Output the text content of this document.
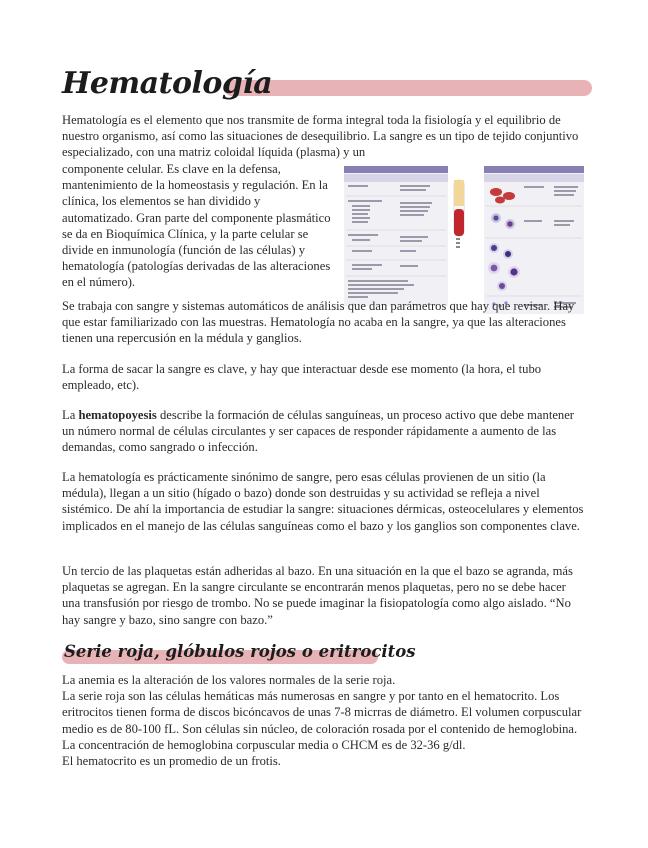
Hematología

Hematología es el elemento que nos transmite de forma integral toda la fisiología y el equilibrio de nuestro organismo, así como las situaciones de desequilibrio. La sangre es un tipo de tejido conjuntivo especializado, con una matriz coloidal líquida (plasma) y un

componente celular. Es clave en la defensa, mantenimiento de la homeostasis y regulación. En la clínica, los elementos se han dividido y automatizado. Gran parte del componente plasmático se da en Bioquímica Clínica, y la parte celular se divide en inmunología (función de las células) y hematología (patologías derivadas de las alteraciones en el número).

Se trabaja con sangre y sistemas automáticos de análisis que dan parámetros que hay que revisar. Hay que estar familiarizado con las muestras. Hematología no acaba en la sangre, ya que las alteraciones tienen una repercusión en la médula y ganglios.

La forma de sacar la sangre es clave, y hay que interactuar desde ese momento (la hora, el tubo empleado, etc).

La hematopoyesis describe la formación de células sanguíneas, un proceso activo que debe mantener un número normal de células circulantes y ser capaces de responder rápidamente a aumento de las demandas, como sangrado o infección.

La hematología es prácticamente sinónimo de sangre, pero esas células provienen de un sitio (la médula), llegan a un sitio (hígado o bazo) donde son destruidas y su actividad se refleja a nivel sistémico. De ahí la importancia de estudiar la sangre: situaciones dérmicas, osteocelulares y elementos implicados en el manejo de las células sanguíneas como el bazo y los ganglios son componentes clave.

Un tercio de las plaquetas están adheridas al bazo. En una situación en la que el bazo se agranda, más plaquetas se agregan. En la sangre circulante se encontrarán menos plaquetas, pero no se debe hacer una transfusión por riesgo de trombo. No se puede imaginar la fisiopatología como algo aislado. “No hay sangre y bazo, sino sangre con bazo.”

Serie roja, glóbulos rojos o eritrocitos

La anemia es la alteración de los valores normales de la serie roja.
La serie roja son las células hemáticas más numerosas en sangre y por tanto en el hematocrito. Los eritrocitos tienen forma de discos bicóncavos de unas 7-8 micrras de diámetro. El volumen corpuscular medio es de 80-100 fL. Son células sin núcleo, de coloración rosada por el contenido de hemoglobina. La concentración de hemoglobina corpuscular media o CHCM es de 32-36 g/dl.
El hematocrito es un promedio de un frotis.
